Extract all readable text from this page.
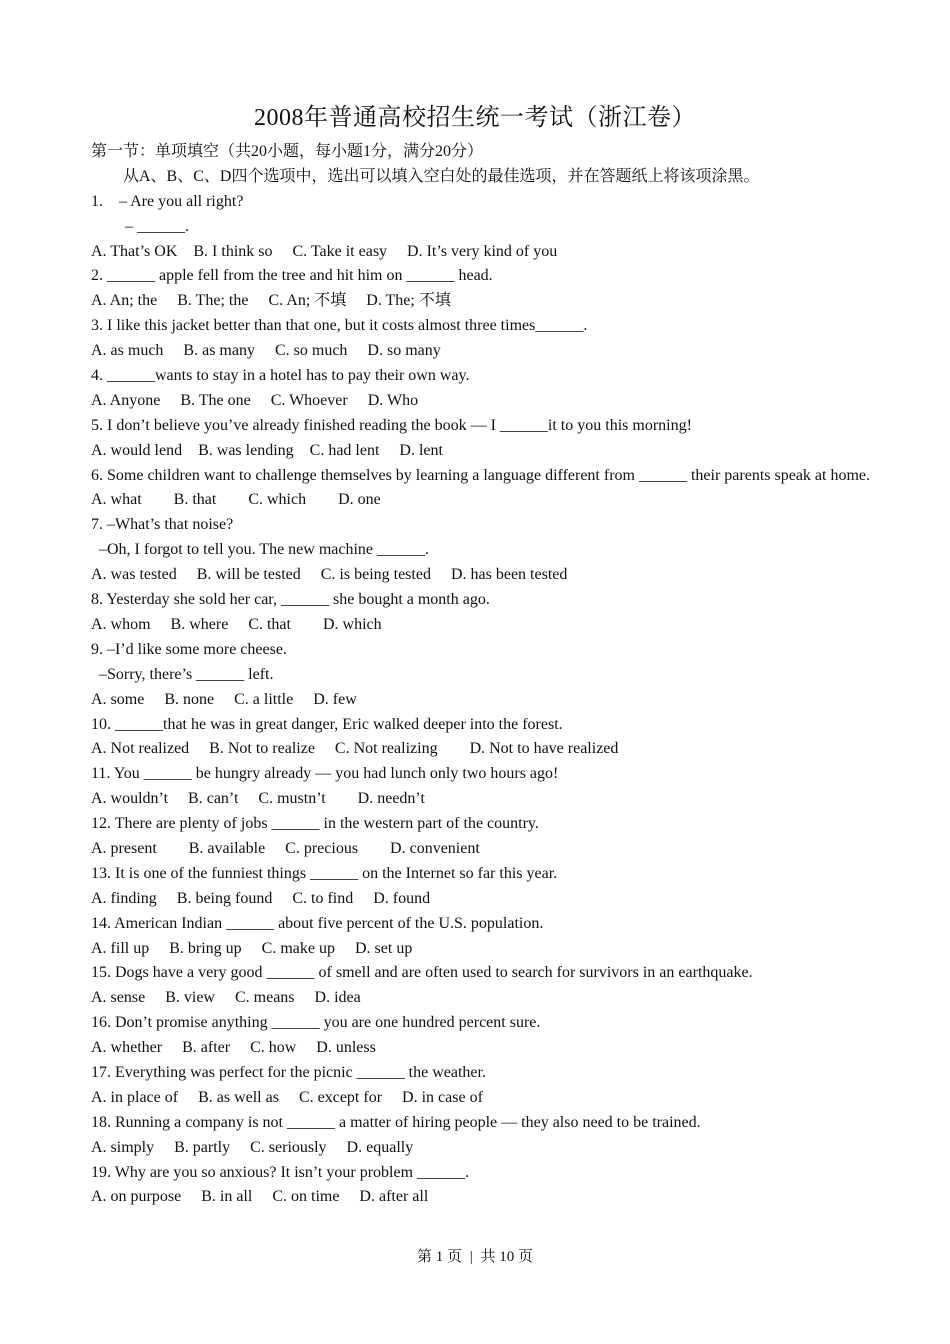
2008年普通高校招生统一考试（浙江卷）
第一节：单项填空（共20小题，每小题1分，满分20分）
从A、B、C、D四个选项中，选出可以填入空白处的最佳选项，并在答题纸上将该项涂黑。
1.　– Are you all right?
– ______.
A. That’s OK　B. I think so　 C. Take it easy　 D. It’s very kind of you
2. ______ apple fell from the tree and hit him on ______ head.
A. An; the　 B. The; the　 C. An; 不填　 D. The; 不填
3. I like this jacket better than that one, but it costs almost three times______.
A. as much　 B. as many　 C. so much　 D. so many
4. ______wants to stay in a hotel has to pay their own way.
A. Anyone　 B. The one　 C. Whoever　 D. Who
5. I don’t believe you’ve already finished reading the book — I ______it to you this morning!
A. would lend　B. was lending　C. had lent　 D. lent
6. Some children want to challenge themselves by learning a language different from ______ their parents speak at home.
A. what　　B. that　　C. which　　D. one
7. –What’s that noise?
–Oh, I forgot to tell you. The new machine ______.
A. was tested　 B. will be tested　 C. is being tested　 D. has been tested
8. Yesterday she sold her car, ______ she bought a month ago.
A. whom　 B. where　 C. that　　D. which
9. –I’d like some more cheese.
–Sorry, there’s ______ left.
A. some　 B. none　 C. a little　 D. few
10. ______that he was in great danger, Eric walked deeper into the forest.
A. Not realized　 B. Not to realize　 C. Not realizing　　D. Not to have realized
11. You ______ be hungry already — you had lunch only two hours ago!
A. wouldn’t　 B. can’t　 C. mustn’t　　D. needn’t
12. There are plenty of jobs ______ in the western part of the country.
A. present　　B. available　 C. precious　　D. convenient
13. It is one of the funniest things ______ on the Internet so far this year.
A. finding　 B. being found　 C. to find　 D. found
14. American Indian ______ about five percent of the U.S. population.
A. fill up　 B. bring up　 C. make up　 D. set up
15. Dogs have a very good ______ of smell and are often used to search for survivors in an earthquake.
A. sense　 B. view　 C. means　 D. idea
16. Don’t promise anything ______ you are one hundred percent sure.
A. whether　 B. after　 C. how　 D. unless
17. Everything was perfect for the picnic ______ the weather.
A. in place of　 B. as well as　 C. except for　 D. in case of
18. Running a company is not ______ a matter of hiring people — they also need to be trained.
A. simply　 B. partly　 C. seriously　 D. equally
19. Why are you so anxious? It isn’t your problem ______.
A. on purpose　 B. in all　 C. on time　 D. after all
第 1 页 | 共 10 页
